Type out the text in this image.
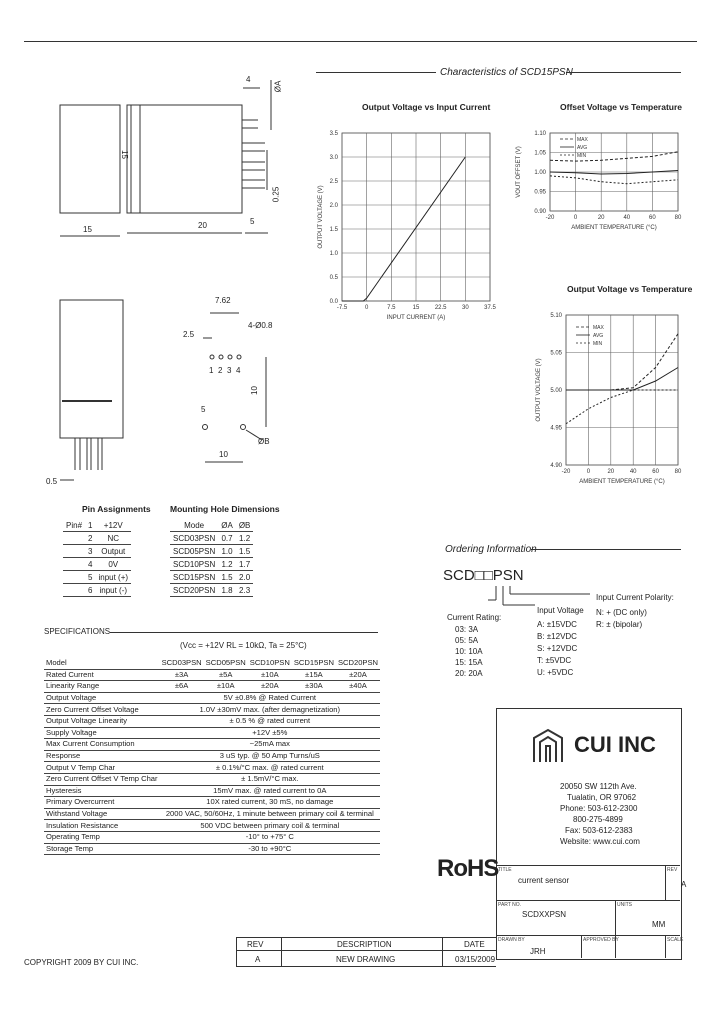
4
ØA
15
15	20	5
0.25
7.62
2.5
4-Ø0.8
1 2 3 4
5
10
ØB
10
0.5
Characteristics of SCD15PSN
Output Voltage vs Input Current	Offset Voltage vs Temperature
Output Voltage vs Temperature
-7.5	0	7.5	15	22.5	30	37.5
3.5
3.0
2.5
2.0
1.5
1.0
0.5
0.0
INPUT CURRENT (A)
OUTPUT VOLTAGE (V)	-20	0	20	40	60	80
1.10
1.05
1.00
0.95
0.90
AMBIENT TEMPERATURE (°C)
VOUT OFFSET (V)
MAX
AVG
MIN
-20	0	20	40	60	80
5.10
5.05
5.00
4.95
4.90
AMBIENT TEMPERATURE (°C)
OUTPUT VOLTAGE (V)
MAX
AVG
MIN
Pin Assignments
Pin#	1	+12V
	2	NC
	3	Output
	4	0V
	5	input (+)
	6	input (-)
Mounting Hole Dimensions
Mode	ØA	ØB
SCD03PSN	0.7	1.2
SCD05PSN	1.0	1.5
SCD10PSN	1.2	1.7
SCD15PSN	1.5	2.0
SCD20PSN	1.8	2.3
Ordering Information
SCD□□PSN
Input Current Polarity:
N: + (DC only)
R: ± (bipolar)
Input Voltage
A: ±15VDC
B: ±12VDC
S: +12VDC
T: ±5VDC
U: +5VDC
Current Rating:
03: 3A
05: 5A
10: 10A
15: 15A
20: 20A
SPECIFICATIONS
(Vcc = +12V RL = 10kΩ, Ta = 25°C)
Model	SCD03PSN	SCD05PSN	SCD10PSN	SCD15PSN	SCD20PSN
Rated Current	±3A	±5A	±10A	±15A	±20A
Linearity Range	±6A	±10A	±20A	±30A	±40A
Output Voltage	5V ±0.8% @ Rated Current				
Zero Current Offset Voltage	1.0V ±30mV max. (after demagnetization)				
Output Voltage Linearity	± 0.5 % @ rated current				
Supply Voltage	+12V ±5%				
Max Current Consumption	~25mA max				
Response	3 uS typ. @ 50 Amp Turns/uS				
Output V Temp Char	± 0.1%/°C max. @ rated current				
Zero Current Offset V Temp Char	± 1.5mV/°C max.				
Hysteresis	15mV max. @ rated current to 0A				
Primary Overcurrent	10X rated current, 30 mS, no damage				
Withstand Voltage	2000 VAC, 50/60Hz, 1 minute between primary coil & terminal				
Insulation Resistance	500 VDC between primary coil & terminal				
Operating Temp	-10° to +75° C				
Storage Temp	-30 to +90°C				
CUI INC
20050 SW 112th Ave.
Tualatin, OR 97062
Phone: 503-612-2300
800-275-4899
Fax: 503-612-2383
Website: www.cui.com
RoHS TITLE
current sensor
REV
A
PART NO.
SCDXXPSN
UNITS
MM
DRAWN BY
JRH
APPROVED BY	SCALE
REV	DESCRIPTION	DATE
A	NEW DRAWING	03/15/2009
COPYRIGHT 2009 BY CUI INC.
